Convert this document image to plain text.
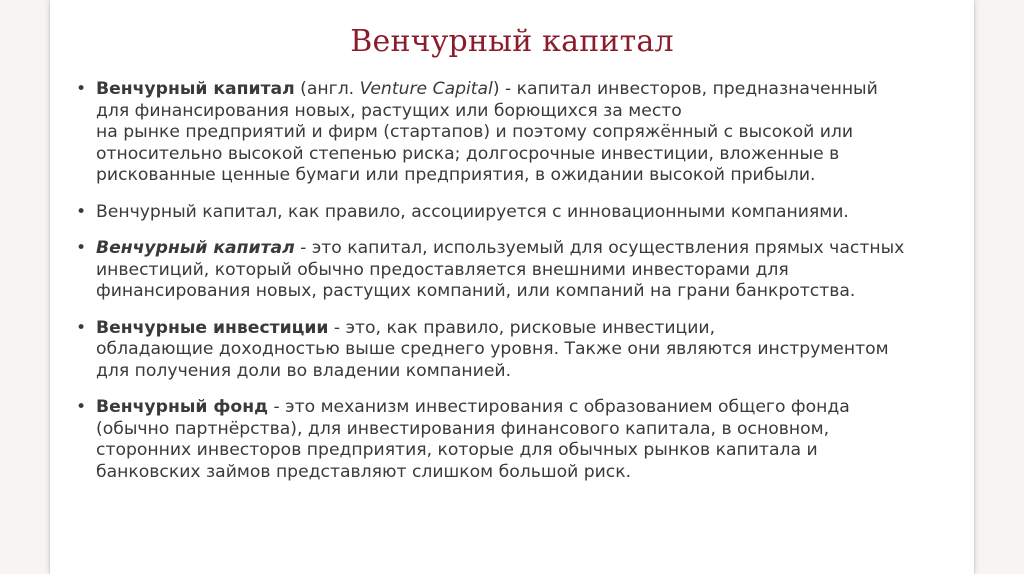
Венчурный капитал
• Венчурный капитал (англ. Venture Capital) - капитал инвесторов, предназначенный
для финансирования новых, растущих или борющихся за место
на рынке предприятий и фирм (стартапов) и поэтому сопряжённый с высокой или
относительно высокой степенью риска; долгосрочные инвестиции, вложенные в
рискованные ценные бумаги или предприятия, в ожидании высокой прибыли.
• Венчурный капитал, как правило, ассоциируется с инновационными компаниями.
• Венчурный капитал - это капитал, используемый для осуществления прямых частных
инвестиций, который обычно предоставляется внешними инвесторами для
финансирования новых, растущих компаний, или компаний на грани банкротства.
• Венчурные инвестиции - это, как правило, рисковые инвестиции,
обладающие доходностью выше среднего уровня. Также они являются инструментом
для получения доли во владении компанией.
• Венчурный фонд - это механизм инвестирования с образованием общего фонда
(обычно партнёрства), для инвестирования финансового капитала, в основном,
сторонних инвесторов предприятия, которые для обычных рынков капитала и
банковских займов представляют слишком большой риск.
